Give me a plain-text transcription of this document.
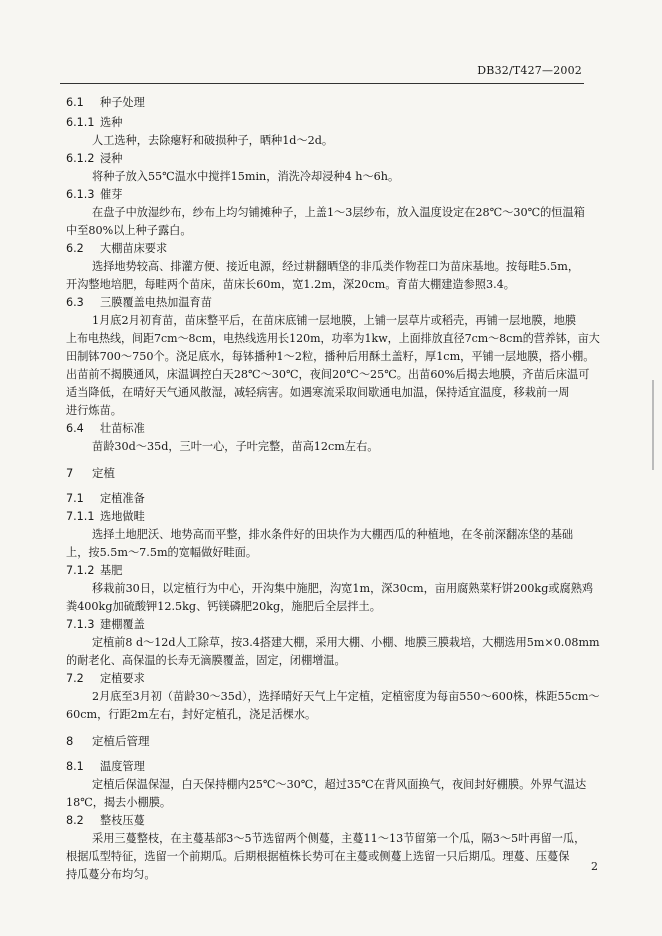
DB32/T427—2002
6.1 种子处理
6.1.1 选种
人工选种，去除瘪籽和破损种子，晒种1d～2d。
6.1.2 浸种
将种子放入55℃温水中搅拌15min，消洗冷却浸种4 h～6h。
6.1.3 催芽
在盘子中放湿纱布，纱布上均匀铺摊种子，上盖1～3层纱布，放入温度设定在28℃～30℃的恒温箱
中至80%以上种子露白。
6.2 大棚苗床要求
选择地势较高、排灌方便、接近电源，经过耕翻晒垡的非瓜类作物茬口为苗床基地。按每畦5.5m，
开沟整地培肥，每畦两个苗床，苗床长60m，宽1.2m，深20cm。育苗大棚建造参照3.4。
6.3 三膜覆盖电热加温育苗
1月底2月初育苗，苗床整平后，在苗床底铺一层地膜，上铺一层草片或稻壳，再铺一层地膜，地膜
上布电热线，间距7cm～8cm，电热线选用长120m，功率为1kw，上面排放直径7cm～8cm的营养钵，亩大
田制钵700～750个。浇足底水，每钵播种1～2粒，播种后用酥土盖籽，厚1cm，平铺一层地膜，搭小棚。
出苗前不揭膜通风，床温调控白天28℃～30℃，夜间20℃～25℃。出苗60%后揭去地膜，齐苗后床温可
适当降低，在晴好天气通风散湿，减轻病害。如遇寒流采取间歇通电加温，保持适宜温度，移栽前一周
进行炼苗。
6.4 壮苗标准
苗龄30d～35d，三叶一心，子叶完整，苗高12cm左右。
7 定植
7.1 定植准备
7.1.1 选地做畦
选择土地肥沃、地势高而平整，排水条件好的田块作为大棚西瓜的种植地，在冬前深翻冻垡的基础
上，按5.5m～7.5m的宽幅做好畦面。
7.1.2 基肥
移栽前30日，以定植行为中心，开沟集中施肥，沟宽1m，深30cm，亩用腐熟菜籽饼200kg或腐熟鸡
粪400kg加硫酸钾12.5kg、钙镁磷肥20kg，施肥后全层拌土。
7.1.3 建棚覆盖
定植前8 d～12d人工除草，按3.4搭建大棚，采用大棚、小棚、地膜三膜栽培，大棚选用5m×0.08mm
的耐老化、高保温的长寿无滴膜覆盖，固定，闭棚增温。
7.2 定植要求
2月底至3月初（苗龄30～35d），选择晴好天气上午定植，定植密度为每亩550～600株，株距55cm～
60cm，行距2m左右，封好定植孔，浇足活棵水。
8 定植后管理
8.1 温度管理
定植后保温保湿，白天保持棚内25℃～30℃，超过35℃在背风面换气，夜间封好棚膜。外界气温达
18℃，揭去小棚膜。
8.2 整枝压蔓
采用三蔓整枝，在主蔓基部3～5节选留两个侧蔓，主蔓11～13节留第一个瓜，隔3～5叶再留一瓜，
根据瓜型特征，选留一个前期瓜。后期根据植株长势可在主蔓或侧蔓上选留一只后期瓜。理蔓、压蔓保
持瓜蔓分布均匀。
2
